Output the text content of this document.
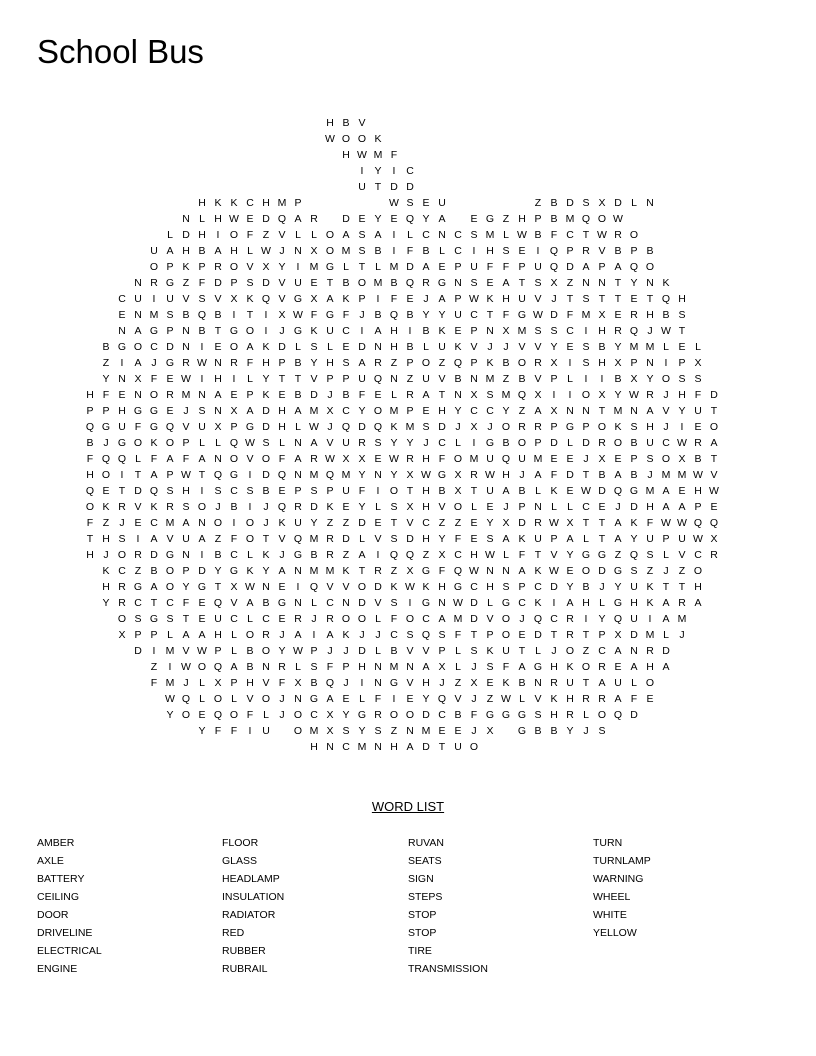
School Bus
H B V
W O O K
H W M F
I	Y	I	C
U T D D
H K K C H M P	W S E U	Z B D S X D L N
N L H W E D Q A R	D E Y E Q Y A	E G Z H P B M Q O W
L D H	I O F Z V L L O A S A	I	L C N C S M L W B F C T W R O
U A H B A H L W J N X O M S B	I	F B L C	I	H S E	I Q P R V B P B
O P K P R O V X Y	I M G L T L M D A E P U F F P U Q D A P A Q O
N R G Z F D P S D V U E T B O M B Q R G N S E A T S X Z N N T Y N K
C U	I	U V S V X K Q V G X A K P	I	F E J A P W K H U V J T S T T E T Q H
E N M S B Q B	I	T	I	X W F G F J B Q B Y Y U C T F G W D F M X E R H B S
N A G P N B T G O I	J G K U C	I	A H	I	B K E P N X M S S C	I	H R Q J W T
B G O C D N	I	E O A K D L S L E D N H B L U K V J	J V V Y E S B Y M M L E L
Z	I	A J G R W N R F H P B Y H S A R Z P O Z Q P K B O R X	I	S H X P N	I	P X
Y N X F E W I	H	I	L Y T T V P P U Q N Z U V B N M Z B V P L	I	I	B X Y O S S
H F E N O R M N A E P K E B D J B F E L R A T N X S M Q X	I	I O X Y W R J H F D
P P H G G E J S N X A D H A M X C Y O M P E H Y C C Y Z A X N N T M N A V Y U T
Q G U F G Q V U X P G D H L W J Q D Q K M S D J X J O R R P G P O K S H J	I	E O
B J G O K O P L L Q W S L N A V U R S Y Y J C L	I G B O P D L D R O B U C W R A
F Q Q L F A F A N O V O F A R W X X E W R H F O M U Q U M E E J X E P S O X B T
H O I	T A P W T Q G I	D Q N M Q M Y N Y X W G X R W H J A F D T B A B J M M W V
Q E T D Q S H	I	S C S B E P S P U F	I O T H B X T U A B L K E W D Q G M A E H W
O K R V K R S O J B	I	J Q R D K E Y L S X H V O L E J P N L L C E J D H A A P E
F Z J E C M A N O I O J K U Y Z Z D E T V C Z Z E Y X D R W X T T A K F W W Q Q
T H S	I	A V U A Z F O T V Q M R D L V S D H Y F E S A K U P A L T A Y U P U W X
H J O R D G N	I	B C L K J G B R Z A	I Q Q Z X C H W L F T V Y G G Z Q S L V C R
K C Z B O P D Y G K Y A N M M K T R Z X G F Q W N N A K W E O D G S Z J Z O
H R G A O Y G T X W N E	I Q V V O D K W K H G C H S P C D Y B J Y U K T T H
Y R C T C F E Q V A B G N L C N D V S	I G N W D L G C K	I	A H L G H K A R A
O S G S T E U C L C E R J R O O L F O C A M D V O J Q C R	I	Y Q U	I	A M
X P P L A A H L O R J A	I	A K J	J C S Q S F T P O E D T R T P X D M L J
D	I M V W P L B O Y W P J	J D L B V V P L S K U T L J O Z C A N R D
Z	I W O Q A B N R L S F P H N M N A X L J S F A G H K O R E A H A
F M J L X P H V F X B Q J	I	N G V H J Z X E K B N R U T A U L O
W Q L O L V O J N G A E L F	I	E Y Q V J Z W L V K H R R A F E
Y O E Q O F L J O C X Y G R O O D C B F G G G S H R L O Q D
Y F F	I	U	O M X S Y S Z N M E E J X	G B B Y J S
H N C M N H A D T U O
WORD LIST
AMBER
AXLE
BATTERY
CEILING
DOOR
DRIVELINE
ELECTRICAL
ENGINE
FLOOR
GLASS
HEADLAMP
INSULATION
RADIATOR
RED
RUBBER
RUBRAIL
RUVAN
SEATS
SIGN
STEPS
STOP
STOP
TIRE
TRANSMISSION
TURN
TURNLAMP
WARNING
WHEEL
WHITE
YELLOW
